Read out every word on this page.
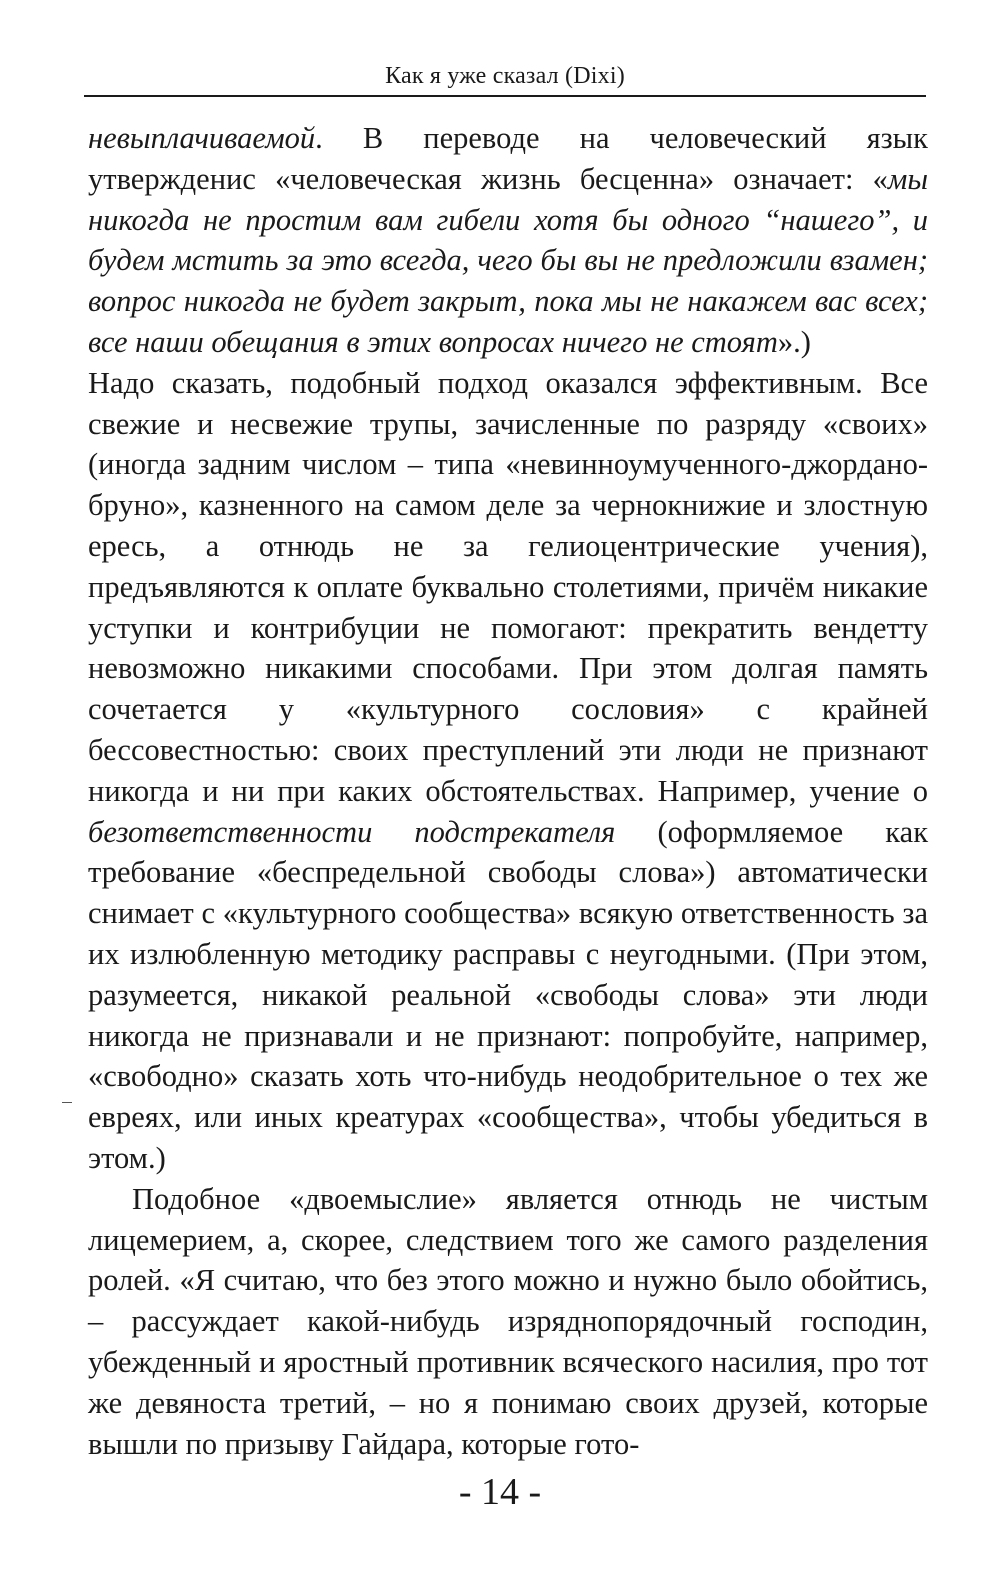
Как я уже сказал (Dixi)

невыплачиваемой. В переводе на человеческий язык утвержденис «человеческая жизнь бесценна» означает: «мы никогда не простим вам гибели хотя бы одного “нашего”, и будем мстить за это всегда, чего бы вы не предложили взамен; вопрос никогда не будет закрыт, пока мы не накажем вас всех; все наши обещания в этих вопросах ничего не стоят».)

Надо сказать, подобный подход оказался эффективным. Все свежие и несвежие трупы, зачисленные по разряду «своих» (иногда задним числом – типа «невинноумученного-джордано-бруно», казненного на самом деле за чернокнижие и злостную ересь, а отнюдь не за гелиоцентрические учения), предъявляются к оплате буквально столетиями, причём никакие уступки и контрибуции не помогают: прекратить вендетту невозможно никакими способами. При этом долгая память сочетается у «культурного сословия» с крайней бессовестностью: своих преступлений эти люди не признают никогда и ни при каких обстоятельствах. Например, учение о безответственности подстрекателя (оформляемое как требование «беспредельной свободы слова») автоматически снимает с «культурного сообщества» всякую ответственность за их излюбленную методику расправы с неугодными. (При этом, разумеется, никакой реальной «свободы слова» эти люди никогда не признавали и не признают: попробуйте, например, «свободно» сказать хоть что-нибудь неодобрительное о тех же евреях, или иных креатурах «сообщества», чтобы убедиться в этом.)

Подобное «двоемыслие» является отнюдь не чистым лицемерием, а, скорее, следствием того же самого разделения ролей. «Я считаю, что без этого можно и нужно было обойтись, – рассуждает какой-нибудь изряднопорядочный господин, убежденный и яростный противник всяческого насилия, про тот же девяноста третий, – но я понимаю своих друзей, которые вышли по призыву Гайдара, которые гото-

- 14 -
